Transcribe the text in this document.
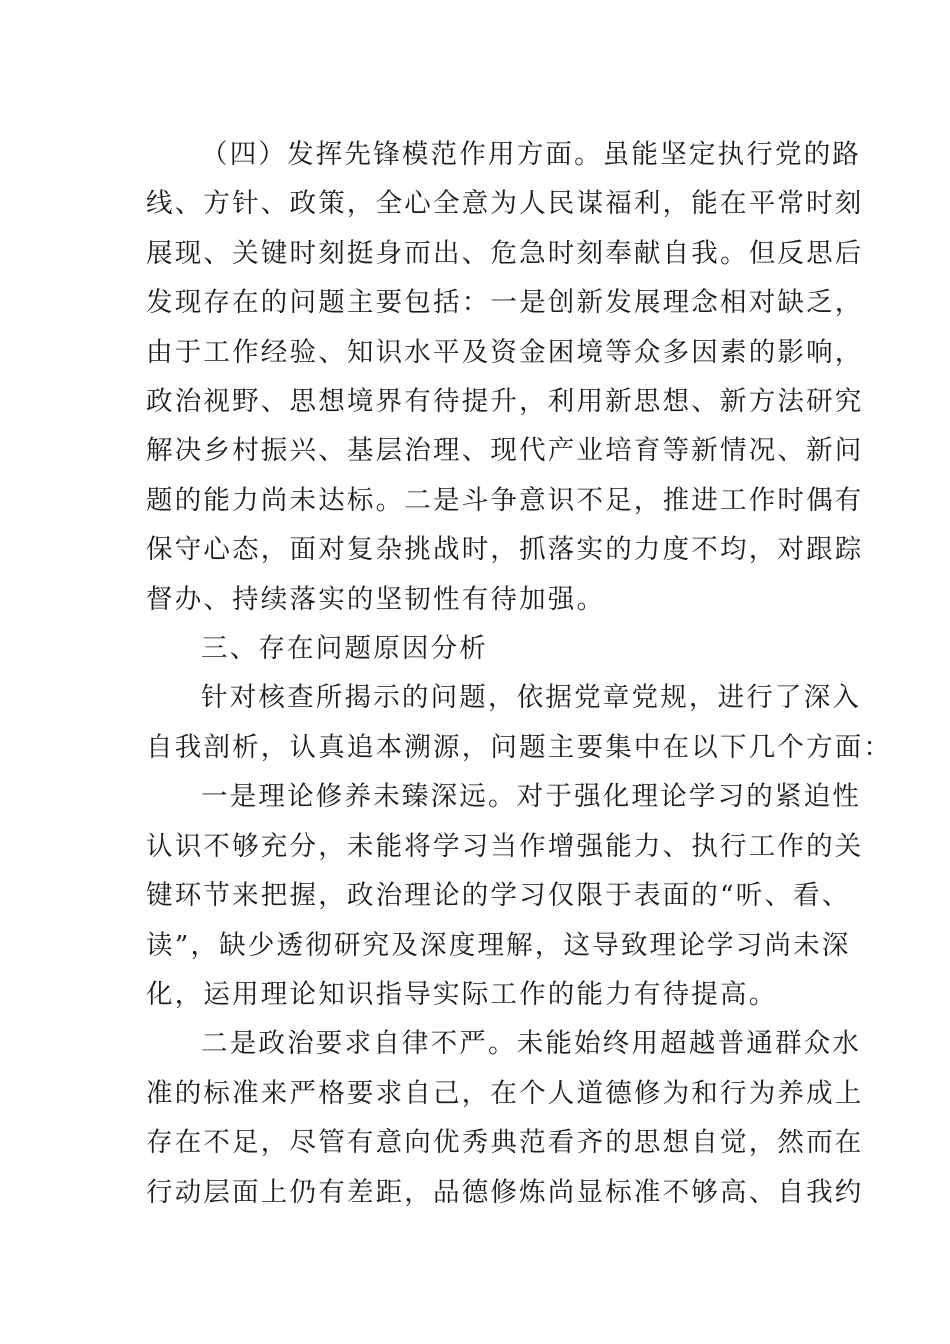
（四）发挥先锋模范作用方面。虽能坚定执行党的路
线、方针、政策，全心全意为人民谋福利，能在平常时刻
展现、关键时刻挺身而出、危急时刻奉献自我。但反思后
发现存在的问题主要包括：一是创新发展理念相对缺乏，
由于工作经验、知识水平及资金困境等众多因素的影响，
政治视野、思想境界有待提升，利用新思想、新方法研究
解决乡村振兴、基层治理、现代产业培育等新情况、新问
题的能力尚未达标。二是斗争意识不足，推进工作时偶有
保守心态，面对复杂挑战时，抓落实的力度不均，对跟踪
督办、持续落实的坚韧性有待加强。
三、存在问题原因分析
针对核查所揭示的问题，依据党章党规，进行了深入
自我剖析，认真追本溯源，问题主要集中在以下几个方面：
一是理论修养未臻深远。对于强化理论学习的紧迫性
认识不够充分，未能将学习当作增强能力、执行工作的关
键环节来把握，政治理论的学习仅限于表面的“听、看、
读”，缺少透彻研究及深度理解，这导致理论学习尚未深
化，运用理论知识指导实际工作的能力有待提高。
二是政治要求自律不严。未能始终用超越普通群众水
准的标准来严格要求自己，在个人道德修为和行为养成上
存在不足，尽管有意向优秀典范看齐的思想自觉，然而在
行动层面上仍有差距，品德修炼尚显标准不够高、自我约
